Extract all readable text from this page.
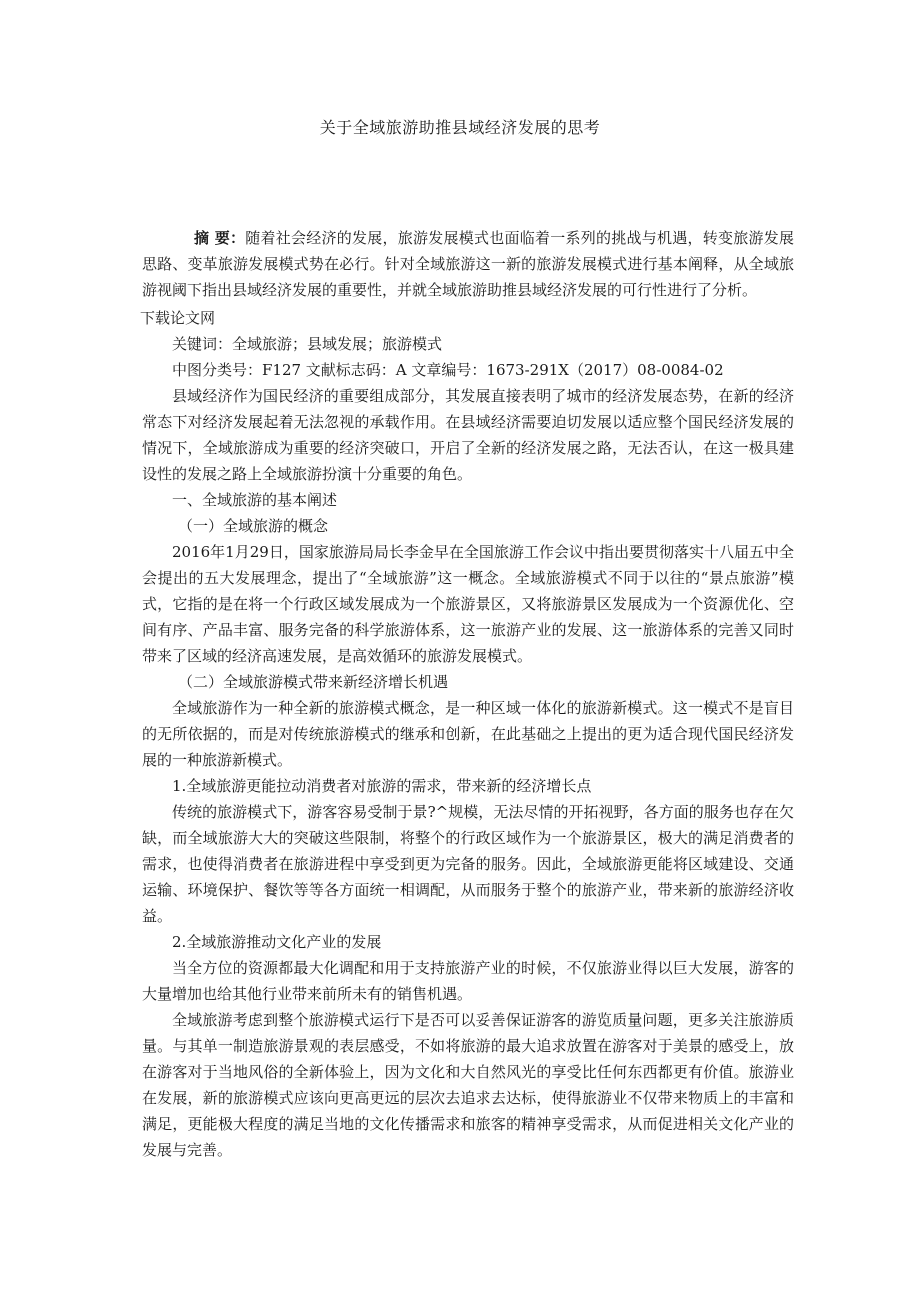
关于全域旅游助推县域经济发展的思考

摘 要：随着社会经济的发展，旅游发展模式也面临着一系列的挑战与机遇，转变旅游发展思路、变革旅游发展模式势在必行。针对全域旅游这一新的旅游发展模式进行基本阐释，从全域旅游视阈下指出县域经济发展的重要性，并就全域旅游助推县域经济发展的可行性进行了分析。

下载论文网

关键词：全域旅游；县域发展；旅游模式

中图分类号：F127 文献标志码：A 文章编号：1673-291X（2017）08-0084-02

县域经济作为国民经济的重要组成部分，其发展直接表明了城市的经济发展态势，在新的经济常态下对经济发展起着无法忽视的承载作用。在县域经济需要迫切发展以适应整个国民经济发展的情况下，全域旅游成为重要的经济突破口，开启了全新的经济发展之路，无法否认，在这一极具建设性的发展之路上全域旅游扮演十分重要的角色。

一、全域旅游的基本阐述

（一）全域旅游的概念

2016年1月29日，国家旅游局局长李金早在全国旅游工作会议中指出要贯彻落实十八届五中全会提出的五大发展理念，提出了“全域旅游”这一概念。全域旅游模式不同于以往的“景点旅游”模式，它指的是在将一个行政区域发展成为一个旅游景区，又将旅游景区发展成为一个资源优化、空间有序、产品丰富、服务完备的科学旅游体系，这一旅游产业的发展、这一旅游体系的完善又同时带来了区域的经济高速发展，是高效循环的旅游发展模式。

（二）全域旅游模式带来新经济增长机遇

全域旅游作为一种全新的旅游模式概念，是一种区域一体化的旅游新模式。这一模式不是盲目的无所依据的，而是对传统旅游模式的继承和创新，在此基础之上提出的更为适合现代国民经济发展的一种旅游新模式。

1.全域旅游更能拉动消费者对旅游的需求，带来新的经济增长点

传统的旅游模式下，游客容易受制于景?^规模，无法尽情的开拓视野，各方面的服务也存在欠缺，而全域旅游大大的突破这些限制，将整个的行政区域作为一个旅游景区，极大的满足消费者的需求，也使得消费者在旅游进程中享受到更为完备的服务。因此，全域旅游更能将区域建设、交通运输、环境保护、餐饮等等各方面统一相调配，从而服务于整个的旅游产业，带来新的旅游经济收益。

2.全域旅游推动文化产业的发展

当全方位的资源都最大化调配和用于支持旅游产业的时候，不仅旅游业得以巨大发展，游客的大量增加也给其他行业带来前所未有的销售机遇。

全域旅游考虑到整个旅游模式运行下是否可以妥善保证游客的游览质量问题，更多关注旅游质量。与其单一制造旅游景观的表层感受，不如将旅游的最大追求放置在游客对于美景的感受上，放在游客对于当地风俗的全新体验上，因为文化和大自然风光的享受比任何东西都更有价值。旅游业在发展，新的旅游模式应该向更高更远的层次去追求去达标，使得旅游业不仅带来物质上的丰富和满足，更能极大程度的满足当地的文化传播需求和旅客的精神享受需求，从而促进相关文化产业的发展与完善。
